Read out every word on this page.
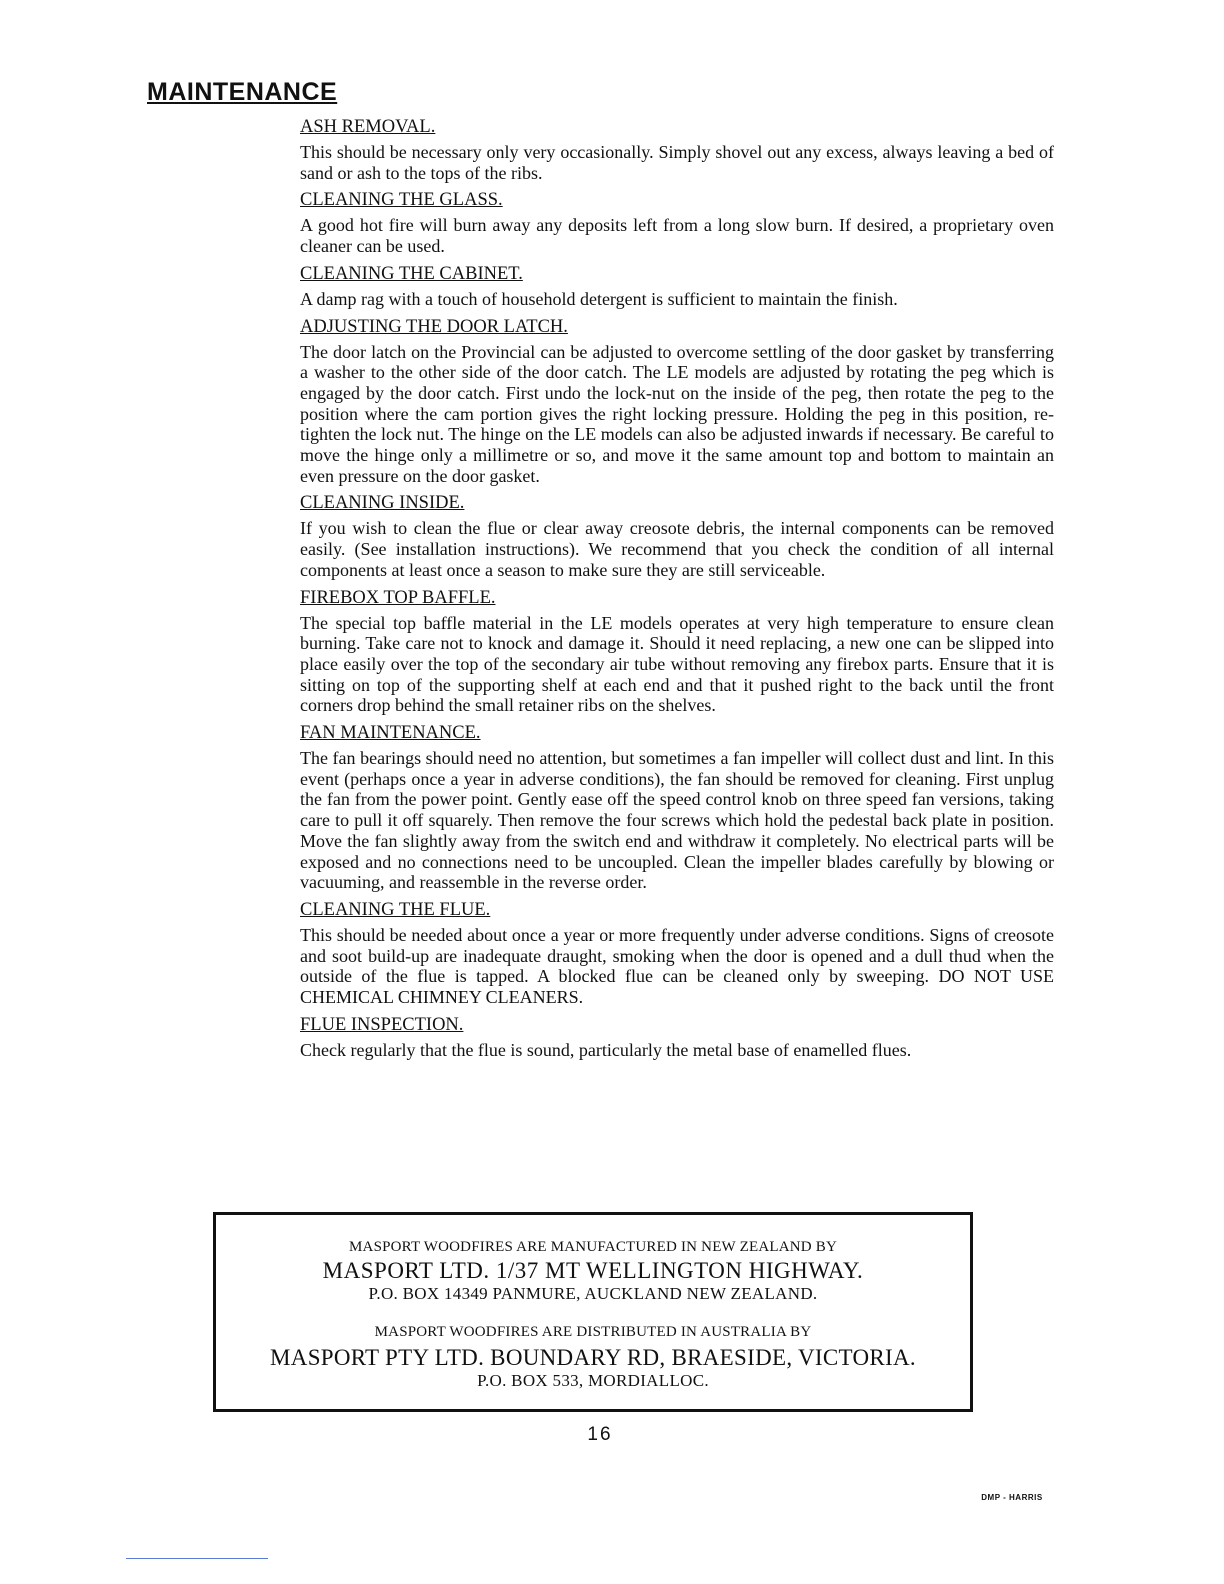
MAINTENANCE
ASH REMOVAL.

This should be necessary only very occasionally. Simply shovel out any excess, always leaving a bed of sand or ash to the tops of the ribs.

CLEANING THE GLASS.

A good hot fire will burn away any deposits left from a long slow burn. If desired, a proprietary oven cleaner can be used.

CLEANING THE CABINET.

A damp rag with a touch of household detergent is sufficient to maintain the finish.

ADJUSTING THE DOOR LATCH.

The door latch on the Provincial can be adjusted to overcome settling of the door gasket by transferring a washer to the other side of the door catch. The LE models are adjusted by rotating the peg which is engaged by the door catch. First undo the lock-nut on the inside of the peg, then rotate the peg to the position where the cam portion gives the right locking pressure. Holding the peg in this position, re-tighten the lock nut. The hinge on the LE models can also be adjusted inwards if necessary. Be careful to move the hinge only a millimetre or so, and move it the same amount top and bottom to maintain an even pressure on the door gasket.

CLEANING INSIDE.

If you wish to clean the flue or clear away creosote debris, the internal components can be removed easily. (See installation instructions). We recommend that you check the condition of all internal components at least once a season to make sure they are still serviceable.

FIREBOX TOP BAFFLE.

The special top baffle material in the LE models operates at very high temperature to ensure clean burning. Take care not to knock and damage it. Should it need replacing, a new one can be slipped into place easily over the top of the secondary air tube without removing any firebox parts. Ensure that it is sitting on top of the supporting shelf at each end and that it pushed right to the back until the front corners drop behind the small retainer ribs on the shelves.

FAN MAINTENANCE.

The fan bearings should need no attention, but sometimes a fan impeller will collect dust and lint. In this event (perhaps once a year in adverse conditions), the fan should be removed for cleaning. First unplug the fan from the power point. Gently ease off the speed control knob on three speed fan versions, taking care to pull it off squarely. Then remove the four screws which hold the pedestal back plate in position. Move the fan slightly away from the switch end and withdraw it completely. No electrical parts will be exposed and no connections need to be uncoupled. Clean the impeller blades carefully by blowing or vacuuming, and reassemble in the reverse order.

CLEANING THE FLUE.

This should be needed about once a year or more frequently under adverse conditions. Signs of creosote and soot build-up are inadequate draught, smoking when the door is opened and a dull thud when the outside of the flue is tapped. A blocked flue can be cleaned only by sweeping. DO NOT USE CHEMICAL CHIMNEY CLEANERS.

FLUE INSPECTION.

Check regularly that the flue is sound, particularly the metal base of enamelled flues.

MASPORT WOODFIRES ARE MANUFACTURED IN NEW ZEALAND BY

MASPORT LTD. 1/37 MT WELLINGTON HIGHWAY.

P.O. BOX 14349 PANMURE, AUCKLAND NEW ZEALAND.

MASPORT WOODFIRES ARE DISTRIBUTED IN AUSTRALIA BY

MASPORT PTY LTD. BOUNDARY RD, BRAESIDE, VICTORIA.

P.O. BOX 533, MORDIALLOC.

16
DMP - HARRIS
